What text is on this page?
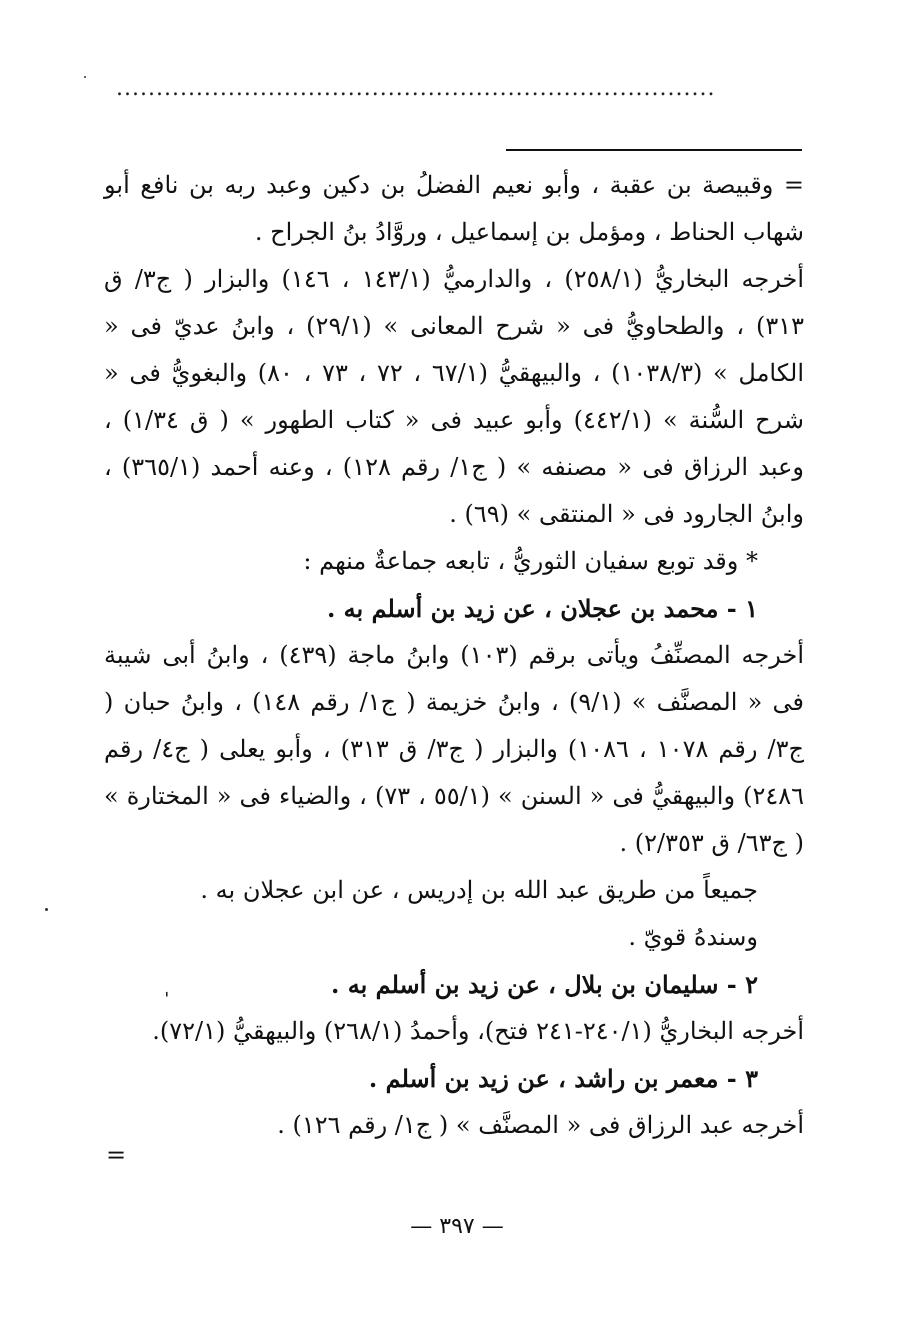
...........................................................................

= وقبيصة بن عقبة ، وأبو نعيم الفضلُ بن دكين وعبد ربه بن نافع أبو شهاب الحناط ، ومؤمل بن إسماعيل ، وروَّادُ بنُ الجراح .

أخرجه البخاريُّ (٢٥٨/١) ، والدارميُّ (١٤٣/١ ، ١٤٦) والبزار ( ج٣/ ق ٣١٣) ، والطحاويُّ فى « شرح المعانى » (٢٩/١) ، وابنُ عديّ فى « الكامل » (١٠٣٨/٣) ، والبيهقيُّ (٦٧/١ ، ٧٢ ، ٧٣ ، ٨٠) والبغويُّ فى « شرح السُّنة » (٤٤٢/١) وأبو عبيد فى « كتاب الطهور » ( ق ١/٣٤) ، وعبد الرزاق فى « مصنفه » ( ج١/ رقم ١٢٨) ، وعنه أحمد (٣٦٥/١) ، وابنُ الجارود فى « المنتقى » (٦٩) .

* وقد توبع سفيان الثوريُّ ، تابعه جماعةٌ منهم :

١ - محمد بن عجلان ، عن زيد بن أسلم به .

أخرجه المصنِّفُ ويأتى برقم (١٠٣) وابنُ ماجة (٤٣٩) ، وابنُ أبى شيبة فى « المصنَّف » (٩/١) ، وابنُ خزيمة ( ج١/ رقم ١٤٨) ، وابنُ حبان ( ج٣/ رقم ١٠٧٨ ، ١٠٨٦) والبزار ( ج٣/ ق ٣١٣) ، وأبو يعلى ( ج٤/ رقم ٢٤٨٦) والبيهقيُّ فى « السنن » (٥٥/١ ، ٧٣) ، والضياء فى « المختارة » ( ج٦٣/ ق ٢/٣٥٣) .

جميعاً من طريق عبد الله بن إدريس ، عن ابن عجلان به .

وسندهُ قويّ .

٢ - سليمان بن بلال ، عن زيد بن أسلم به .

أخرجه البخاريُّ (٢٤٠/١-٢٤١ فتح)، وأحمدُ (٢٦٨/١) والبيهقيُّ (٧٢/١).

٣ - معمر بن راشد ، عن زيد بن أسلم .

أخرجه عبد الرزاق فى « المصنَّف » ( ج١/ رقم ١٢٦) .

=
ˈ
— ٣٩٧ —
